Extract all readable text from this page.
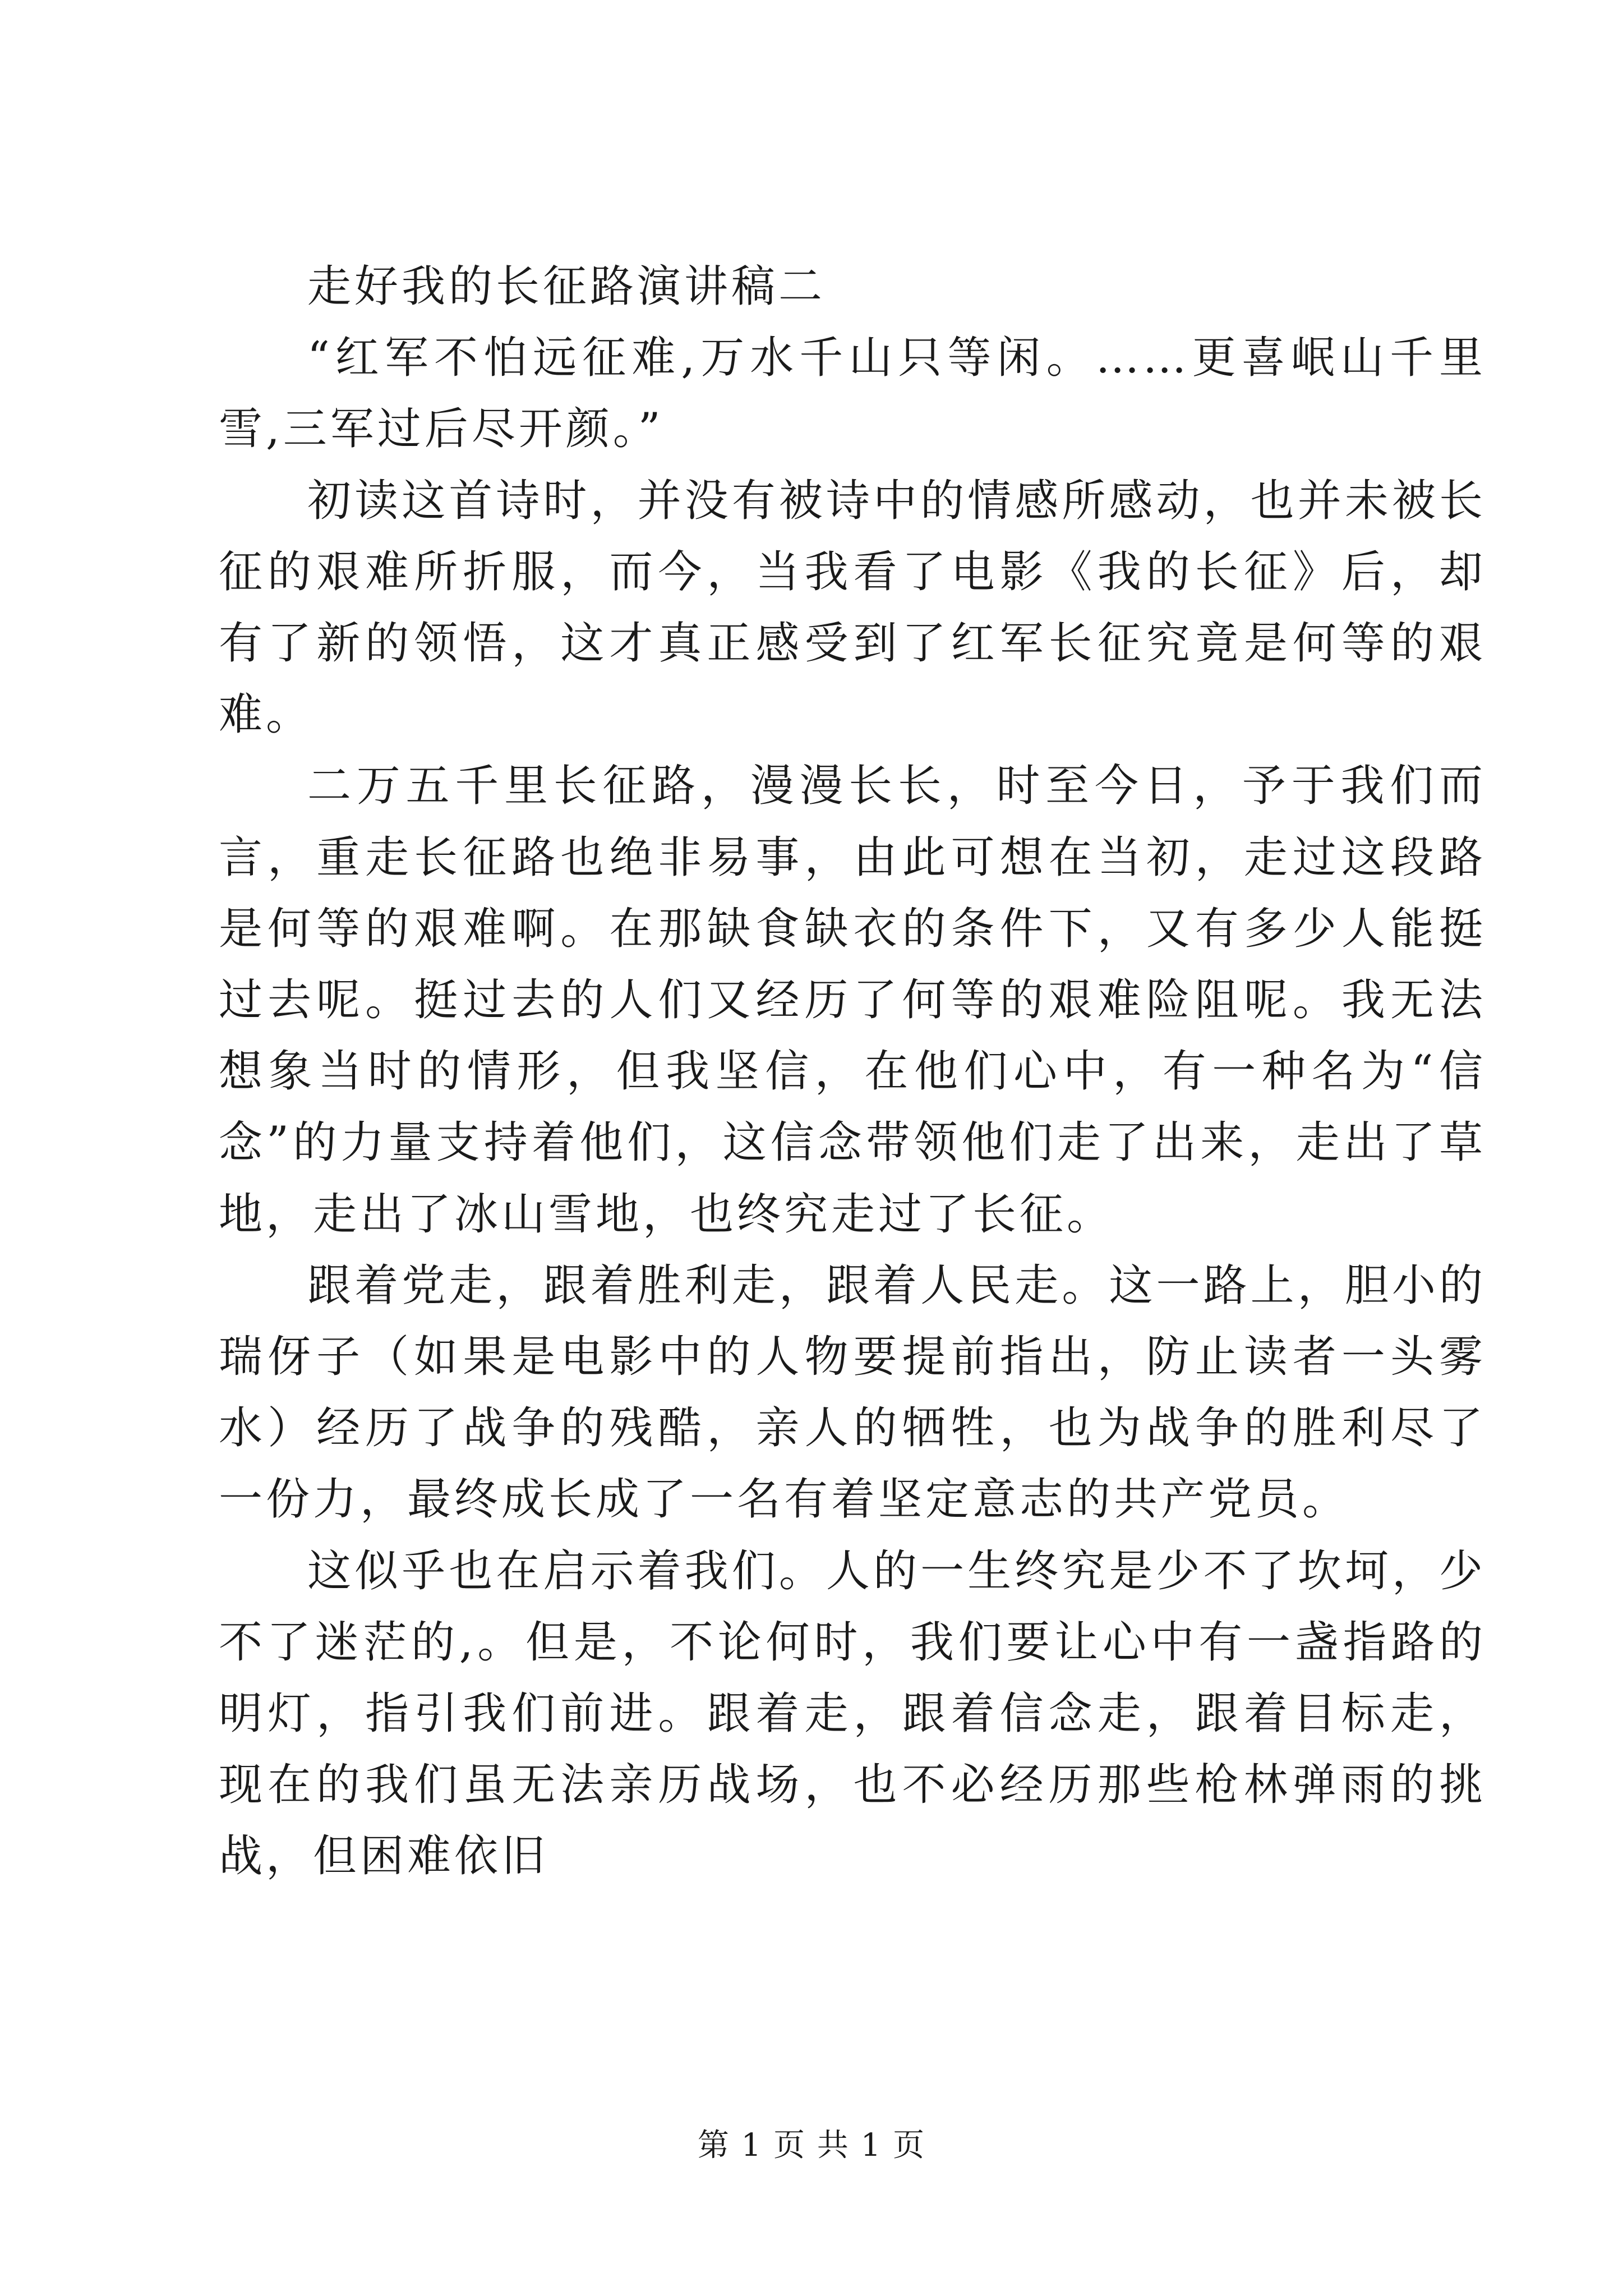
走好我的长征路演讲稿二

“红军不怕远征难,万水千山只等闲。……更喜岷山千里雪,三军过后尽开颜。”

初读这首诗时，并没有被诗中的情感所感动，也并未被长征的艰难所折服，而今，当我看了电影《我的长征》后，却有了新的领悟，这才真正感受到了红军长征究竟是何等的艰难。

二万五千里长征路，漫漫长长，时至今日，予于我们而言，重走长征路也绝非易事，由此可想在当初，走过这段路是何等的艰难啊。在那缺食缺衣的条件下，又有多少人能挺过去呢。挺过去的人们又经历了何等的艰难险阻呢。我无法想象当时的情形，但我坚信，在他们心中，有一种名为“信念”的力量支持着他们，这信念带领他们走了出来，走出了草地，走出了冰山雪地，也终究走过了长征。

跟着党走，跟着胜利走，跟着人民走。这一路上，胆小的瑞伢子（如果是电影中的人物要提前指出，防止读者一头雾水）经历了战争的残酷，亲人的牺牲，也为战争的胜利尽了一份力，最终成长成了一名有着坚定意志的共产党员。

这似乎也在启示着我们。人的一生终究是少不了坎坷，少不了迷茫的,。但是，不论何时，我们要让心中有一盏指路的明灯，指引我们前进。跟着走，跟着信念走，跟着目标走，现在的我们虽无法亲历战场，也不必经历那些枪林弹雨的挑战，但困难依旧

第 1 页 共 1 页
